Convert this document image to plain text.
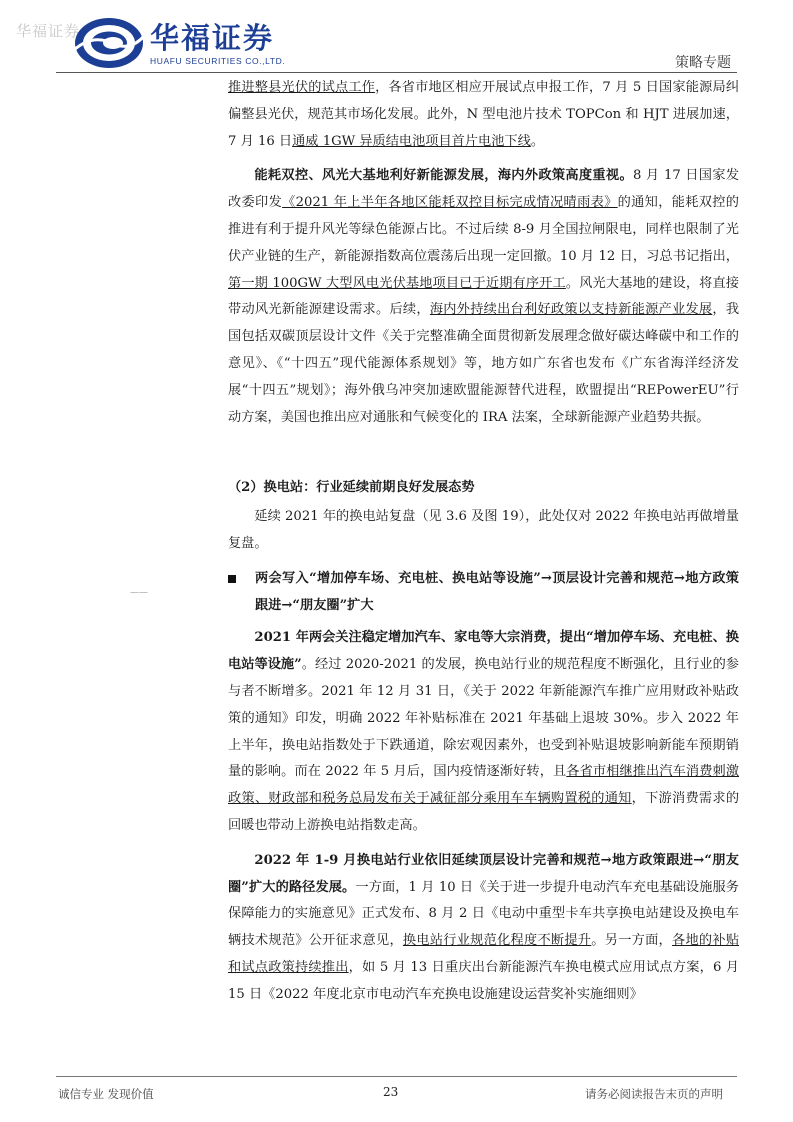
华福证券 华福证券
HUAFU SECURITIES CO.,LTD.	策略专题
——

推进整县光伏的试点工作，各省市地区相应开展试点申报工作，7 月 5 日国家能源局纠偏整县光伏，规范其市场化发展。此外，N 型电池片技术 TOPCon 和 HJT 进展加速，7 月 16 日通威 1GW 异质结电池项目首片电池下线。

能耗双控、风光大基地利好新能源发展，海内外政策高度重视。8 月 17 日国家发改委印发《2021 年上半年各地区能耗双控目标完成情况晴雨表》的通知，能耗双控的推进有利于提升风光等绿色能源占比。不过后续 8-9 月全国拉闸限电，同样也限制了光伏产业链的生产，新能源指数高位震荡后出现一定回撤。10 月 12 日，习总书记指出，第一期 100GW 大型风电光伏基地项目已于近期有序开工。风光大基地的建设，将直接带动风光新能源建设需求。后续，海内外持续出台利好政策以支持新能源产业发展，我国包括双碳顶层设计文件《关于完整准确全面贯彻新发展理念做好碳达峰碳中和工作的意见》、《“十四五”现代能源体系规划》等，地方如广东省也发布《广东省海洋经济发展“十四五”规划》；海外俄乌冲突加速欧盟能源替代进程，欧盟提出“REPowerEU”行动方案，美国也推出应对通胀和气候变化的 IRA 法案，全球新能源产业趋势共振。

（2）换电站：行业延续前期良好发展态势

延续 2021 年的换电站复盘（见 3.6 及图 19），此处仅对 2022 年换电站再做增量复盘。

两会写入“增加停车场、充电桩、换电站等设施”→顶层设计完善和规范→地方政策跟进→“朋友圈”扩大

2021 年两会关注稳定增加汽车、家电等大宗消费，提出“增加停车场、充电桩、换电站等设施”。经过 2020-2021 的发展，换电站行业的规范程度不断强化，且行业的参与者不断增多。2021 年 12 月 31 日，《关于 2022 年新能源汽车推广应用财政补贴政策的通知》印发，明确 2022 年补贴标准在 2021 年基础上退坡 30%。步入 2022 年上半年，换电站指数处于下跌通道，除宏观因素外，也受到补贴退坡影响新能车预期销量的影响。而在 2022 年 5 月后，国内疫情逐渐好转，且各省市相继推出汽车消费刺激政策、财政部和税务总局发布关于减征部分乘用车车辆购置税的通知，下游消费需求的回暖也带动上游换电站指数走高。

2022 年 1-9 月换电站行业依旧延续顶层设计完善和规范→地方政策跟进→“朋友圈”扩大的路径发展。一方面，1 月 10 日《关于进一步提升电动汽车充电基础设施服务保障能力的实施意见》正式发布、8 月 2 日《电动中重型卡车共享换电站建设及换电车辆技术规范》公开征求意见，换电站行业规范化程度不断提升。另一方面，各地的补贴和试点政策持续推出，如 5 月 13 日重庆出台新能源汽车换电模式应用试点方案，6 月 15 日《2022 年度北京市电动汽车充换电设施建设运营奖补实施细则》

诚信专业 发现价值	23	请务必阅读报告末页的声明
